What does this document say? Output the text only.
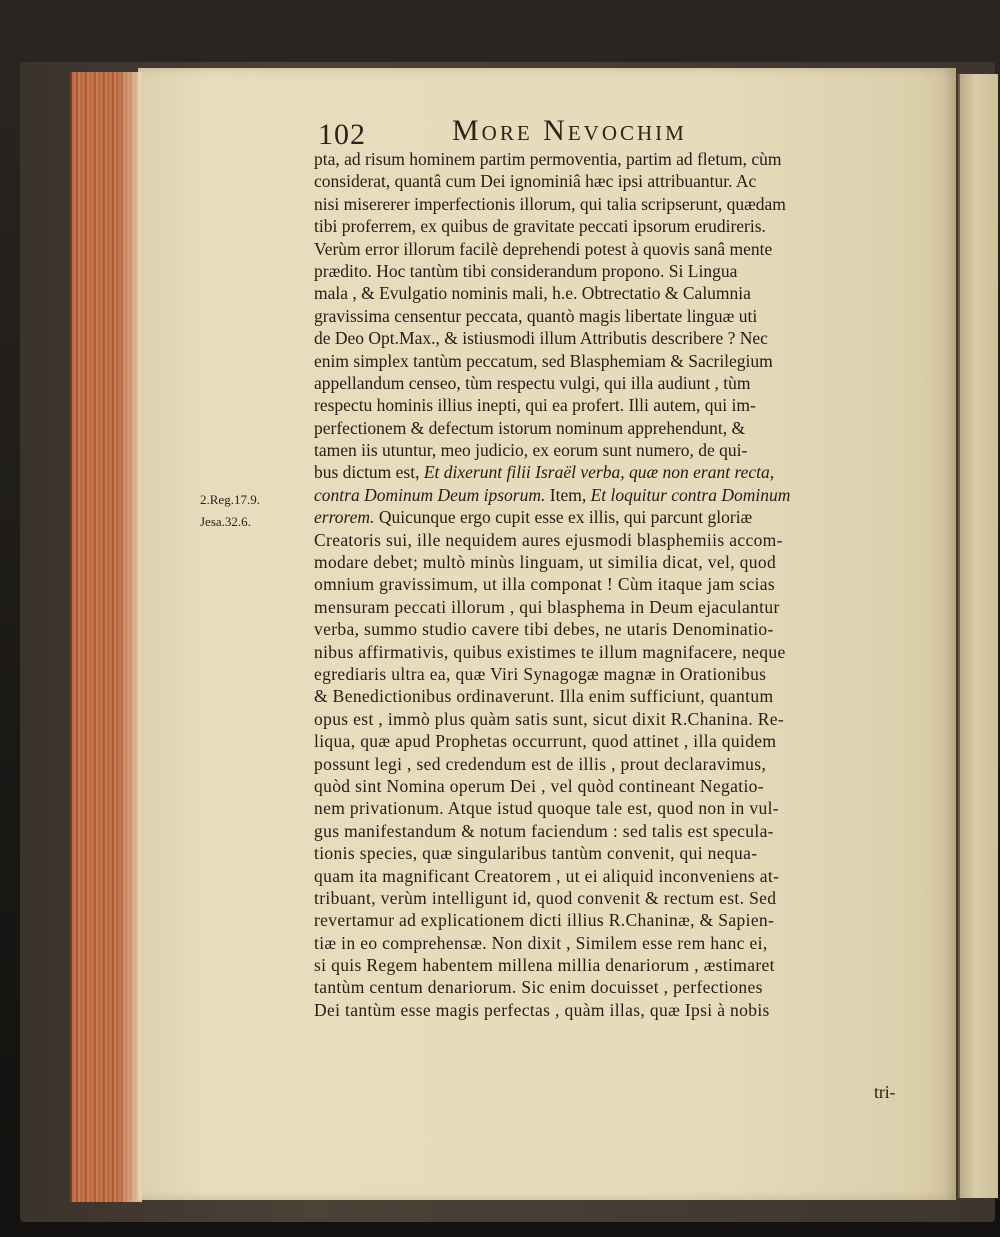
102	More Nevochim
2.Reg.17.9.
Jesa.32.6.
pta, ad risum hominem partim permoventia, partim ad fletum, cùm
considerat, quantâ cum Dei ignominiâ hæc ipsi attribuantur. Ac
nisi misererer imperfectionis illorum, qui talia scripserunt, quædam
tibi proferrem, ex quibus de gravitate peccati ipsorum erudireris.
Verùm error illorum facilè deprehendi potest à quovis sanâ mente
prædito. Hoc tantùm tibi considerandum propono. Si Lingua
mala , & Evulgatio nominis mali, h.e. Obtrectatio & Calumnia
gravissima censentur peccata, quantò magis libertate linguæ uti
de Deo Opt.Max., & istiusmodi illum Attributis describere ? Nec
enim simplex tantùm peccatum, sed Blasphemiam & Sacrilegium
appellandum censeo, tùm respectu vulgi, qui illa audiunt , tùm
respectu hominis illius inepti, qui ea profert. Illi autem, qui im-
perfectionem & defectum istorum nominum apprehendunt, &
tamen iis utuntur, meo judicio, ex eorum sunt numero, de qui-
bus dictum est, Et dixerunt filii Israël verba, quæ non erant recta,
contra Dominum Deum ipsorum. Item, Et loquitur contra Dominum
errorem. Quicunque ergo cupit esse ex illis, qui parcunt gloriæ
Creatoris sui, ille nequidem aures ejusmodi blasphemiis accom-
modare debet; multò minùs linguam, ut similia dicat, vel, quod
omnium gravissimum, ut illa componat ! Cùm itaque jam scias
mensuram peccati illorum , qui blasphema in Deum ejaculantur
verba, summo studio cavere tibi debes, ne utaris Denominatio-
nibus affirmativis, quibus existimes te illum magnifacere, neque
egrediaris ultra ea, quæ Viri Synagogæ magnæ in Orationibus
& Benedictionibus ordinaverunt. Illa enim sufficiunt, quantum
opus est , immò plus quàm satis sunt, sicut dixit R.Chanina. Re-
liqua, quæ apud Prophetas occurrunt, quod attinet , illa quidem
possunt legi , sed credendum est de illis , prout declaravimus,
quòd sint Nomina operum Dei , vel quòd contineant Negatio-
nem privationum. Atque istud quoque tale est, quod non in vul-
gus manifestandum & notum faciendum : sed talis est specula-
tionis species, quæ singularibus tantùm convenit, qui nequa-
quam ita magnificant Creatorem , ut ei aliquid inconveniens at-
tribuant, verùm intelligunt id, quod convenit & rectum est. Sed
revertamur ad explicationem dicti illius R.Chaninæ, & Sapien-
tiæ in eo comprehensæ. Non dixit , Similem esse rem hanc ei,
si quis Regem habentem millena millia denariorum , æstimaret
tantùm centum denariorum. Sic enim docuisset , perfectiones
Dei tantùm esse magis perfectas , quàm illas, quæ Ipsi à nobis
tri-
